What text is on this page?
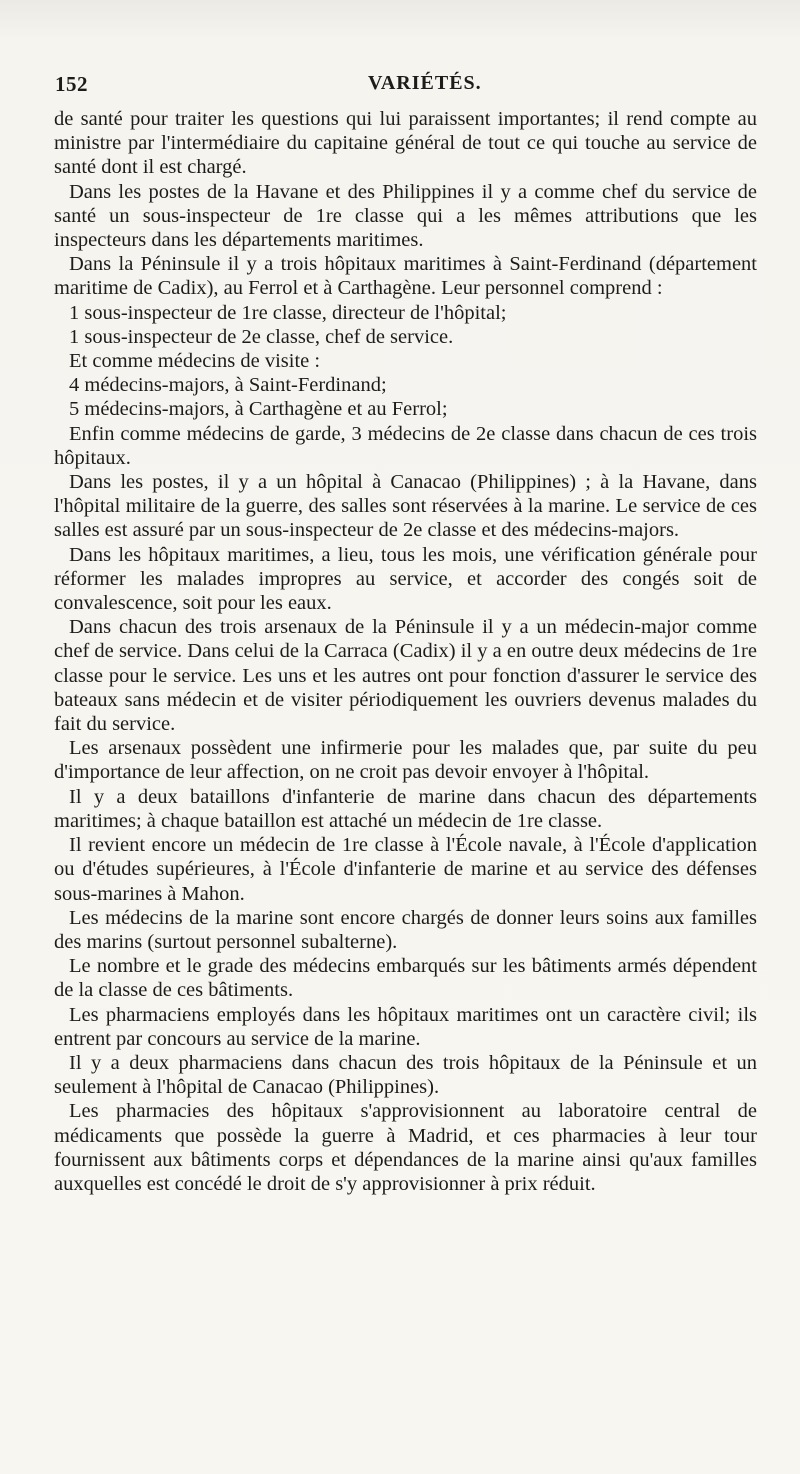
152	VARIÉTÉS.

de santé pour traiter les questions qui lui paraissent importantes; il rend compte au ministre par l'intermédiaire du capitaine général de tout ce qui touche au service de santé dont il est chargé.

Dans les postes de la Havane et des Philippines il y a comme chef du service de santé un sous-inspecteur de 1re classe qui a les mêmes attributions que les inspecteurs dans les départements maritimes.

Dans la Péninsule il y a trois hôpitaux maritimes à Saint-Ferdinand (département maritime de Cadix), au Ferrol et à Carthagène. Leur personnel comprend :

1 sous-inspecteur de 1re classe, directeur de l'hôpital;

1 sous-inspecteur de 2e classe, chef de service.

Et comme médecins de visite :

4 médecins-majors, à Saint-Ferdinand;

5 médecins-majors, à Carthagène et au Ferrol;

Enfin comme médecins de garde, 3 médecins de 2e classe dans chacun de ces trois hôpitaux.

Dans les postes, il y a un hôpital à Canacao (Philippines) ; à la Havane, dans l'hôpital militaire de la guerre, des salles sont réservées à la marine. Le service de ces salles est assuré par un sous-inspecteur de 2e classe et des médecins-majors.

Dans les hôpitaux maritimes, a lieu, tous les mois, une vérification générale pour réformer les malades impropres au service, et accorder des congés soit de convalescence, soit pour les eaux.

Dans chacun des trois arsenaux de la Péninsule il y a un médecin-major comme chef de service. Dans celui de la Carraca (Cadix) il y a en outre deux médecins de 1re classe pour le service. Les uns et les autres ont pour fonction d'assurer le service des bateaux sans médecin et de visiter périodiquement les ouvriers devenus malades du fait du service.

Les arsenaux possèdent une infirmerie pour les malades que, par suite du peu d'importance de leur affection, on ne croit pas devoir envoyer à l'hôpital.

Il y a deux bataillons d'infanterie de marine dans chacun des départements maritimes; à chaque bataillon est attaché un médecin de 1re classe.

Il revient encore un médecin de 1re classe à l'École navale, à l'École d'application ou d'études supérieures, à l'École d'infanterie de marine et au service des défenses sous-marines à Mahon.

Les médecins de la marine sont encore chargés de donner leurs soins aux familles des marins (surtout personnel subalterne).

Le nombre et le grade des médecins embarqués sur les bâtiments armés dépendent de la classe de ces bâtiments.

Les pharmaciens employés dans les hôpitaux maritimes ont un caractère civil; ils entrent par concours au service de la marine.

Il y a deux pharmaciens dans chacun des trois hôpitaux de la Péninsule et un seulement à l'hôpital de Canacao (Philippines).

Les pharmacies des hôpitaux s'approvisionnent au laboratoire central de médicaments que possède la guerre à Madrid, et ces pharmacies à leur tour fournissent aux bâtiments corps et dépendances de la marine ainsi qu'aux familles auxquelles est concédé le droit de s'y approvisionner à prix réduit.
